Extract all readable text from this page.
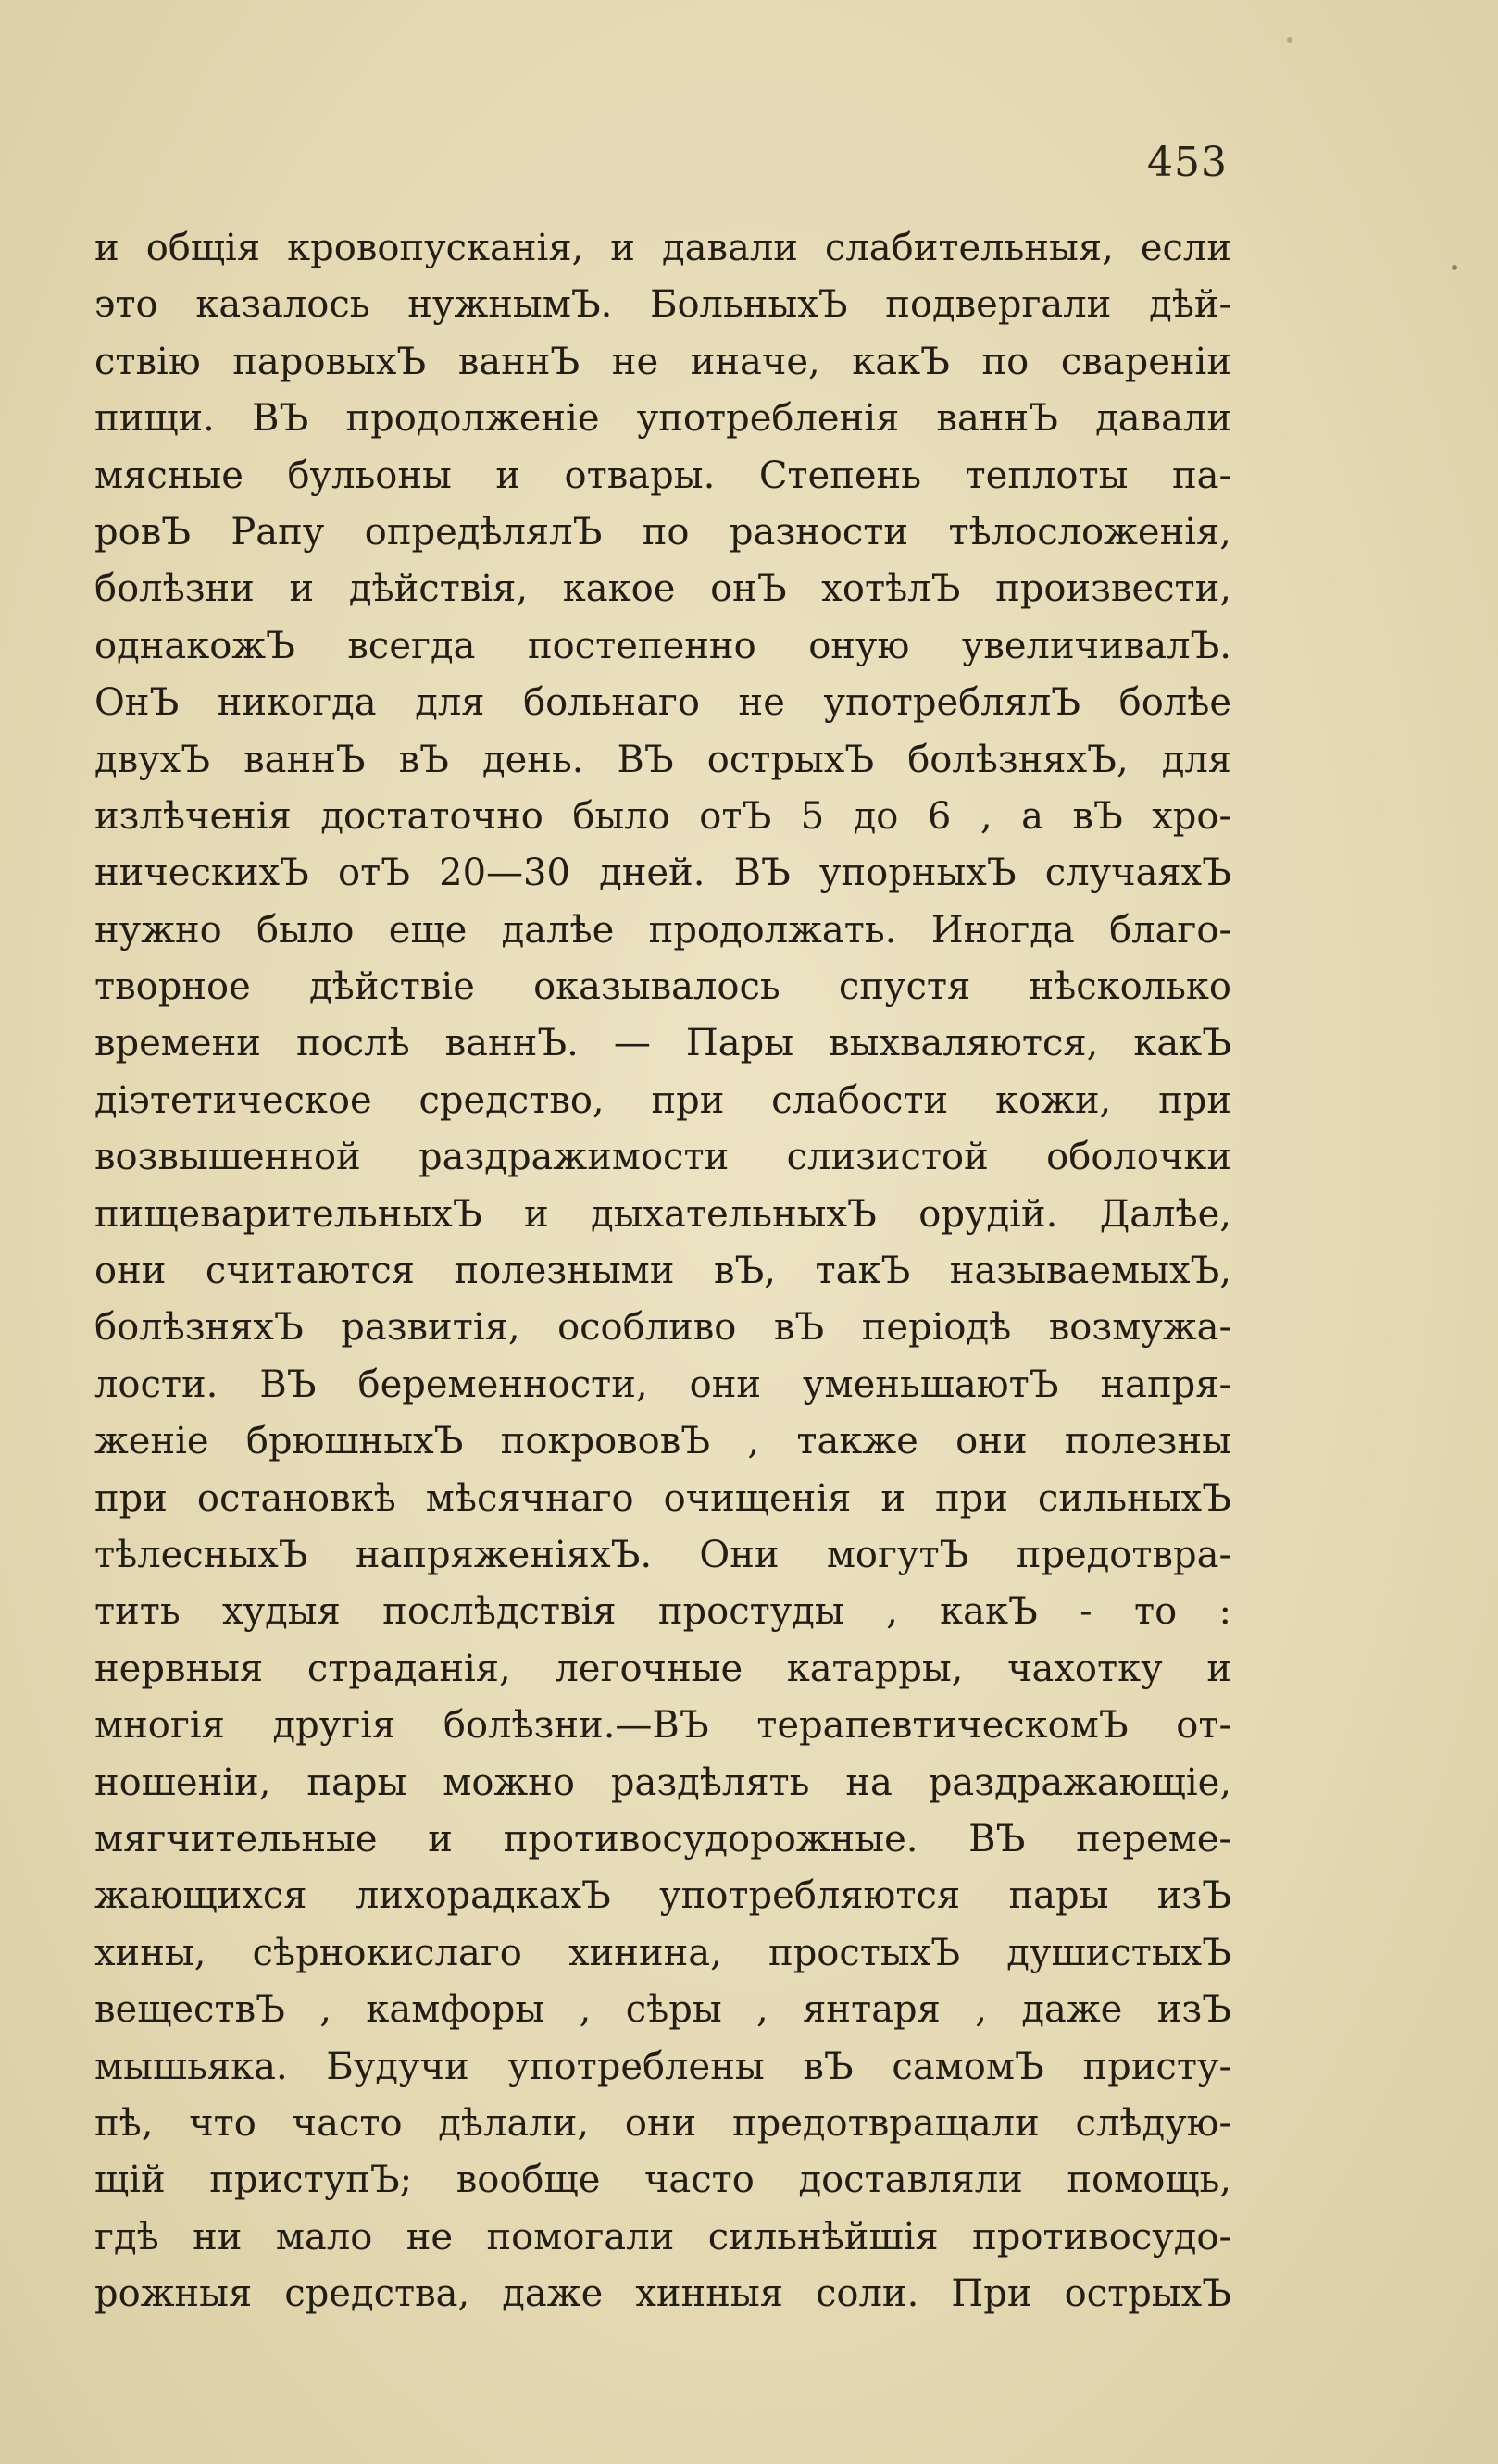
453
и общія кровопусканія, и давали слабительныя, если
это казалось нужнымЪ. БольныхЪ подвергали дѣй-
ствію паровыхЪ ваннЪ не иначе, какЪ по свареніи
пищи. ВЪ продолженіе употребленія ваннЪ давали
мясные бульоны и отвары. Степень теплоты па-
ровЪ Рапу опредѣлялЪ по разности тѣлосложенія,
болѣзни и дѣйствія, какое онЪ хотѣлЪ произвести,
однакожЪ всегда постепенно оную увеличивалЪ.
ОнЪ никогда для больнаго не употреблялЪ болѣе
двухЪ ваннЪ вЪ день. ВЪ острыхЪ болѣзняхЪ, для
излѣченія достаточно было отЪ 5 до 6 , а вЪ хро-
ническихЪ отЪ 20—30 дней. ВЪ упорныхЪ случаяхЪ
нужно было еще далѣе продолжать. Иногда благо-
творное дѣйствіе оказывалось спустя нѣсколько
времени послѣ ваннЪ. — Пары выхваляются, какЪ
діэтетическое средство, при слабости кожи, при
возвышенной раздражимости слизистой оболочки
пищеварительныхЪ и дыхательныхЪ орудій. Далѣе,
они считаются полезными вЪ, такЪ называемыхЪ,
болѣзняхЪ развитія, особливо вЪ періодѣ возмужа-
лости. ВЪ беременности, они уменьшаютЪ напря-
женіе брюшныхЪ покрововЪ , также они полезны
при остановкѣ мѣсячнаго очищенія и при сильныхЪ
тѣлесныхЪ напряженіяхЪ. Они могутЪ предотвра-
тить худыя послѣдствія простуды , какЪ - то :
нервныя страданія, легочные катарры, чахотку и
многія другія болѣзни.—ВЪ терапевтическомЪ от-
ношеніи, пары можно раздѣлять на раздражающіе,
мягчительные и противосудорожные. ВЪ переме-
жающихся лихорадкахЪ употребляются пары изЪ
хины, сѣрнокислаго хинина, простыхЪ душистыхЪ
веществЪ , камфоры , сѣры , янтаря , даже изЪ
мышьяка. Будучи употреблены вЪ самомЪ присту-
пѣ, что часто дѣлали, они предотвращали слѣдую-
щій приступЪ; вообще часто доставляли помощь,
гдѣ ни мало не помогали сильнѣйшія противосудо-
рожныя средства, даже хинныя соли. При острыхЪ
